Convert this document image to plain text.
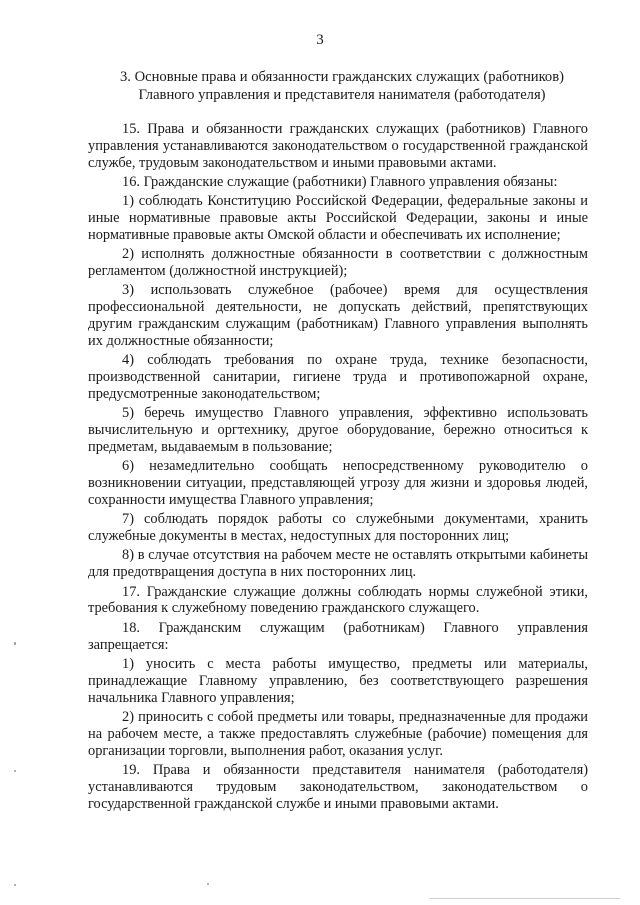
3
3. Основные права и обязанности гражданских служащих (работников)
Главного управления и представителя нанимателя (работодателя)

15. Права и обязанности гражданских служащих (работников) Главного управления устанавливаются законодательством о государственной гражданской службе, трудовым законодательством и иными правовыми актами.

16. Гражданские служащие (работники) Главного управления обязаны:

1) соблюдать Конституцию Российской Федерации, федеральные законы и иные нормативные правовые акты Российской Федерации, законы и иные нормативные правовые акты Омской области и обеспечивать их исполнение;

2) исполнять должностные обязанности в соответствии с должностным регламентом (должностной инструкцией);

3) использовать служебное (рабочее) время для осуществления профессиональной деятельности, не допускать действий, препятствующих другим гражданским служащим (работникам) Главного управления выполнять их должностные обязанности;

4) соблюдать требования по охране труда, технике безопасности, производственной санитарии, гигиене труда и противопожарной охране, предусмотренные законодательством;

5) беречь имущество Главного управления, эффективно использовать вычислительную и оргтехнику, другое оборудование, бережно относиться к предметам, выдаваемым в пользование;

6) незамедлительно сообщать непосредственному руководителю о возникновении ситуации, представляющей угрозу для жизни и здоровья людей, сохранности имущества Главного управления;

7) соблюдать порядок работы со служебными документами, хранить служебные документы в местах, недоступных для посторонних лиц;

8) в случае отсутствия на рабочем месте не оставлять открытыми кабинеты для предотвращения доступа в них посторонних лиц.

17. Гражданские служащие должны соблюдать нормы служебной этики, требования к служебному поведению гражданского служащего.

18. Гражданским служащим (работникам) Главного управления запрещается:

1) уносить с места работы имущество, предметы или материалы, принадлежащие Главному управлению, без соответствующего разрешения начальника Главного управления;

2) приносить с собой предметы или товары, предназначенные для продажи на рабочем месте, а также предоставлять служебные (рабочие) помещения для организации торговли, выполнения работ, оказания услуг.

19. Права и обязанности представителя нанимателя (работодателя) устанавливаются трудовым законодательством, законодательством о государственной гражданской службе и иными правовыми актами.
